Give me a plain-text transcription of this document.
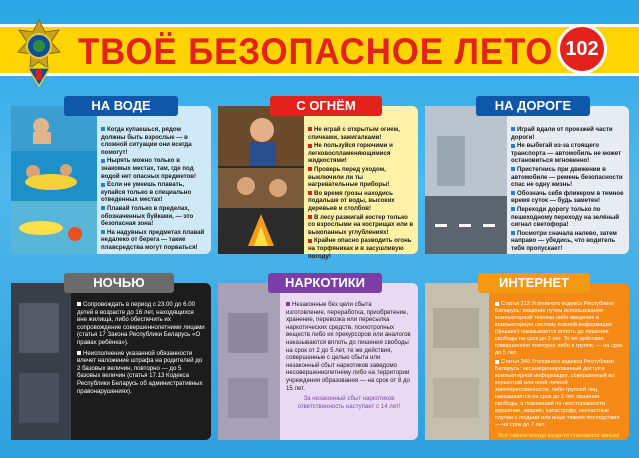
ТВОЁ БЕЗОПАСНОЕ ЛЕТО 102
НА ВОДЕ

Когда купаешься, рядом должны быть взрослые — в сложной ситуации они всегда помогут!

Нырять можно только в знакомых местах, там, где под водой нет опасных предметов!

Если не умеешь плавать, купайся только в специально отведенных местах!

Плавай только в пределах, обозначенных буйками, — это безопасная зона!

На надувных предметах плавай недалеко от берега — такие плавсредства могут порваться!

С ОГНЁМ

Не играй с открытым огнем, спичками, зажигалками!

Не пользуйся горючими и легковоспламеняющимися жидкостями!

Проверь перед уходом, выключили ли ты нагревательные приборы!

Во время грозы находись подальше от воды, высоких деревьев и столбов!

В лесу разжигай костер только со взрослыми на кострищах или в выкопанных углублениях!

Крайне опасно разводить огонь на торфяниках и в засушливую погоду!

НА ДОРОГЕ

Играй вдали от проезжей части дороги!

Не выбегай из-за стоящего транспорта — автомобиль не может остановиться мгновенно!

Пристегнись при движении в автомобиле — ремень безопасности спас не одну жизнь!

Обозначь себя фликером в темное время суток — будь заметен!

Переходи дорогу только по пешеходному переходу на зелёный сигнал светофора!

Посмотри сначала налево, затем направо — убедись, что водитель тебя пропускает!

НОЧЬЮ

Сопровождать в период с 23.00 до 6.00 детей в возрасте до 16 лет, находящихся вне жилища, либо обеспечить их сопровождение совершеннолетними лицами (статья 17 Закона Республики Беларусь «О правах ребёнка»).

Неисполнение указанной обязанности влечет наложение штрафа на родителей до 2 базовых величин, повторно — до 5 базовых величин (статья 17.13 Кодекса Республики Беларусь об административных правонарушениях).

НАРКОТИКИ

Незаконные без цели сбыта изготовление, переработка, приобретение, хранение, перевозка или пересылка наркотических средств, психотропных веществ либо их прекурсоров или аналогов наказываются вплоть до лишения свободы на срок от 2 до 5 лет, те же действия, совершенные с целью сбыта или незаконный сбыт наркотиков заведомо несовершеннолетнему либо на территории учреждения образования — на срок от 8 до 15 лет.

За незаконный сбыт наркотиков ответственность наступает с 14 лет!

ИНТЕРНЕТ

Статья 212 Уголовного кодекса Республики Беларусь: хищение путем использования компьютерной техники либо введения в компьютерную систему ложной информации (фишинг) наказывается вплоть до лишения свободы на срок до 3 лет. То же действие, совершенное повторно либо в группе, — на срок до 5 лет.

Статья 349 Уголовного кодекса Республики Беларусь: несанкционированный доступ к компьютерной информации, совершенный из корыстной или иной личной заинтересованности, либо группой лиц наказывается на срок до 2 лет лишения свободы, а повлекший по неосторожности крушение, аварию, катастрофу, несчастные случаи с людьми или иные тяжкие последствия — на срок до 7 лет.

Всё тайное всегда когда-то становится явным!
